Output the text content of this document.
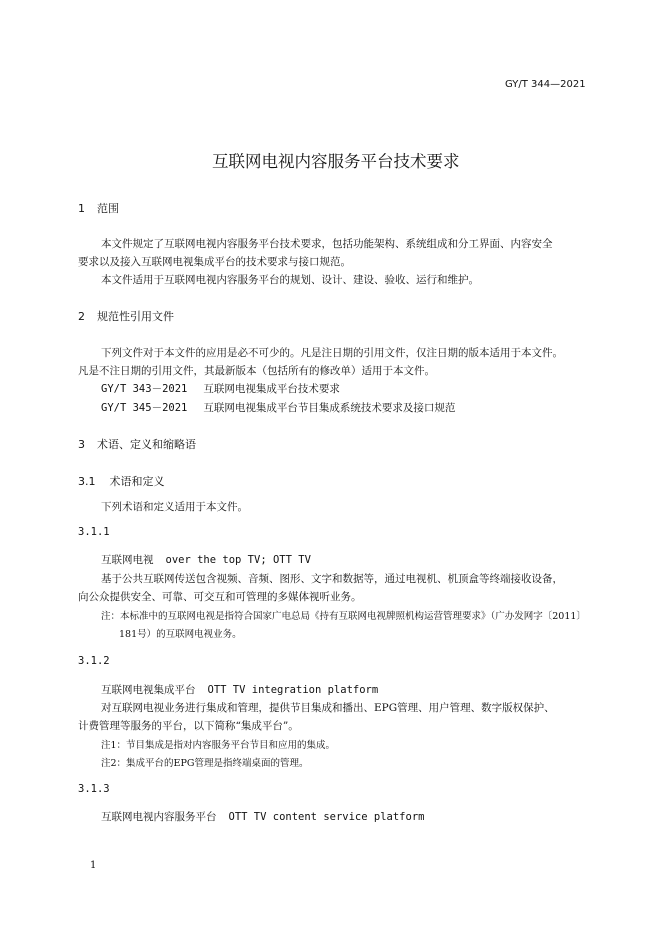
GY/T 344—2021
互联网电视内容服务平台技术要求
1 范围
本文件规定了互联网电视内容服务平台技术要求，包括功能架构、系统组成和分工界面、内容安全
要求以及接入互联网电视集成平台的技术要求与接口规范。
本文件适用于互联网电视内容服务平台的规划、设计、建设、验收、运行和维护。
2 规范性引用文件
下列文件对于本文件的应用是必不可少的。凡是注日期的引用文件，仅注日期的版本适用于本文件。
凡是不注日期的引用文件，其最新版本（包括所有的修改单）适用于本文件。
GY/T 343－2021 互联网电视集成平台技术要求
GY/T 345－2021 互联网电视集成平台节目集成系统技术要求及接口规范
3 术语、定义和缩略语
3.1 术语和定义
下列术语和定义适用于本文件。
3.1.1
互联网电视 over the top TV; OTT TV
基于公共互联网传送包含视频、音频、图形、文字和数据等，通过电视机、机顶盒等终端接收设备，
向公众提供安全、可靠、可交互和可管理的多媒体视听业务。
注：本标准中的互联网电视是指符合国家广电总局《持有互联网电视牌照机构运营管理要求》（广办发网字〔2011〕
181号）的互联网电视业务。
3.1.2
互联网电视集成平台 OTT TV integration platform
对互联网电视业务进行集成和管理，提供节目集成和播出、EPG管理、用户管理、数字版权保护、
计费管理等服务的平台，以下简称“集成平台”。
注1：节目集成是指对内容服务平台节目和应用的集成。
注2：集成平台的EPG管理是指终端桌面的管理。
3.1.3
互联网电视内容服务平台 OTT TV content service platform
1
